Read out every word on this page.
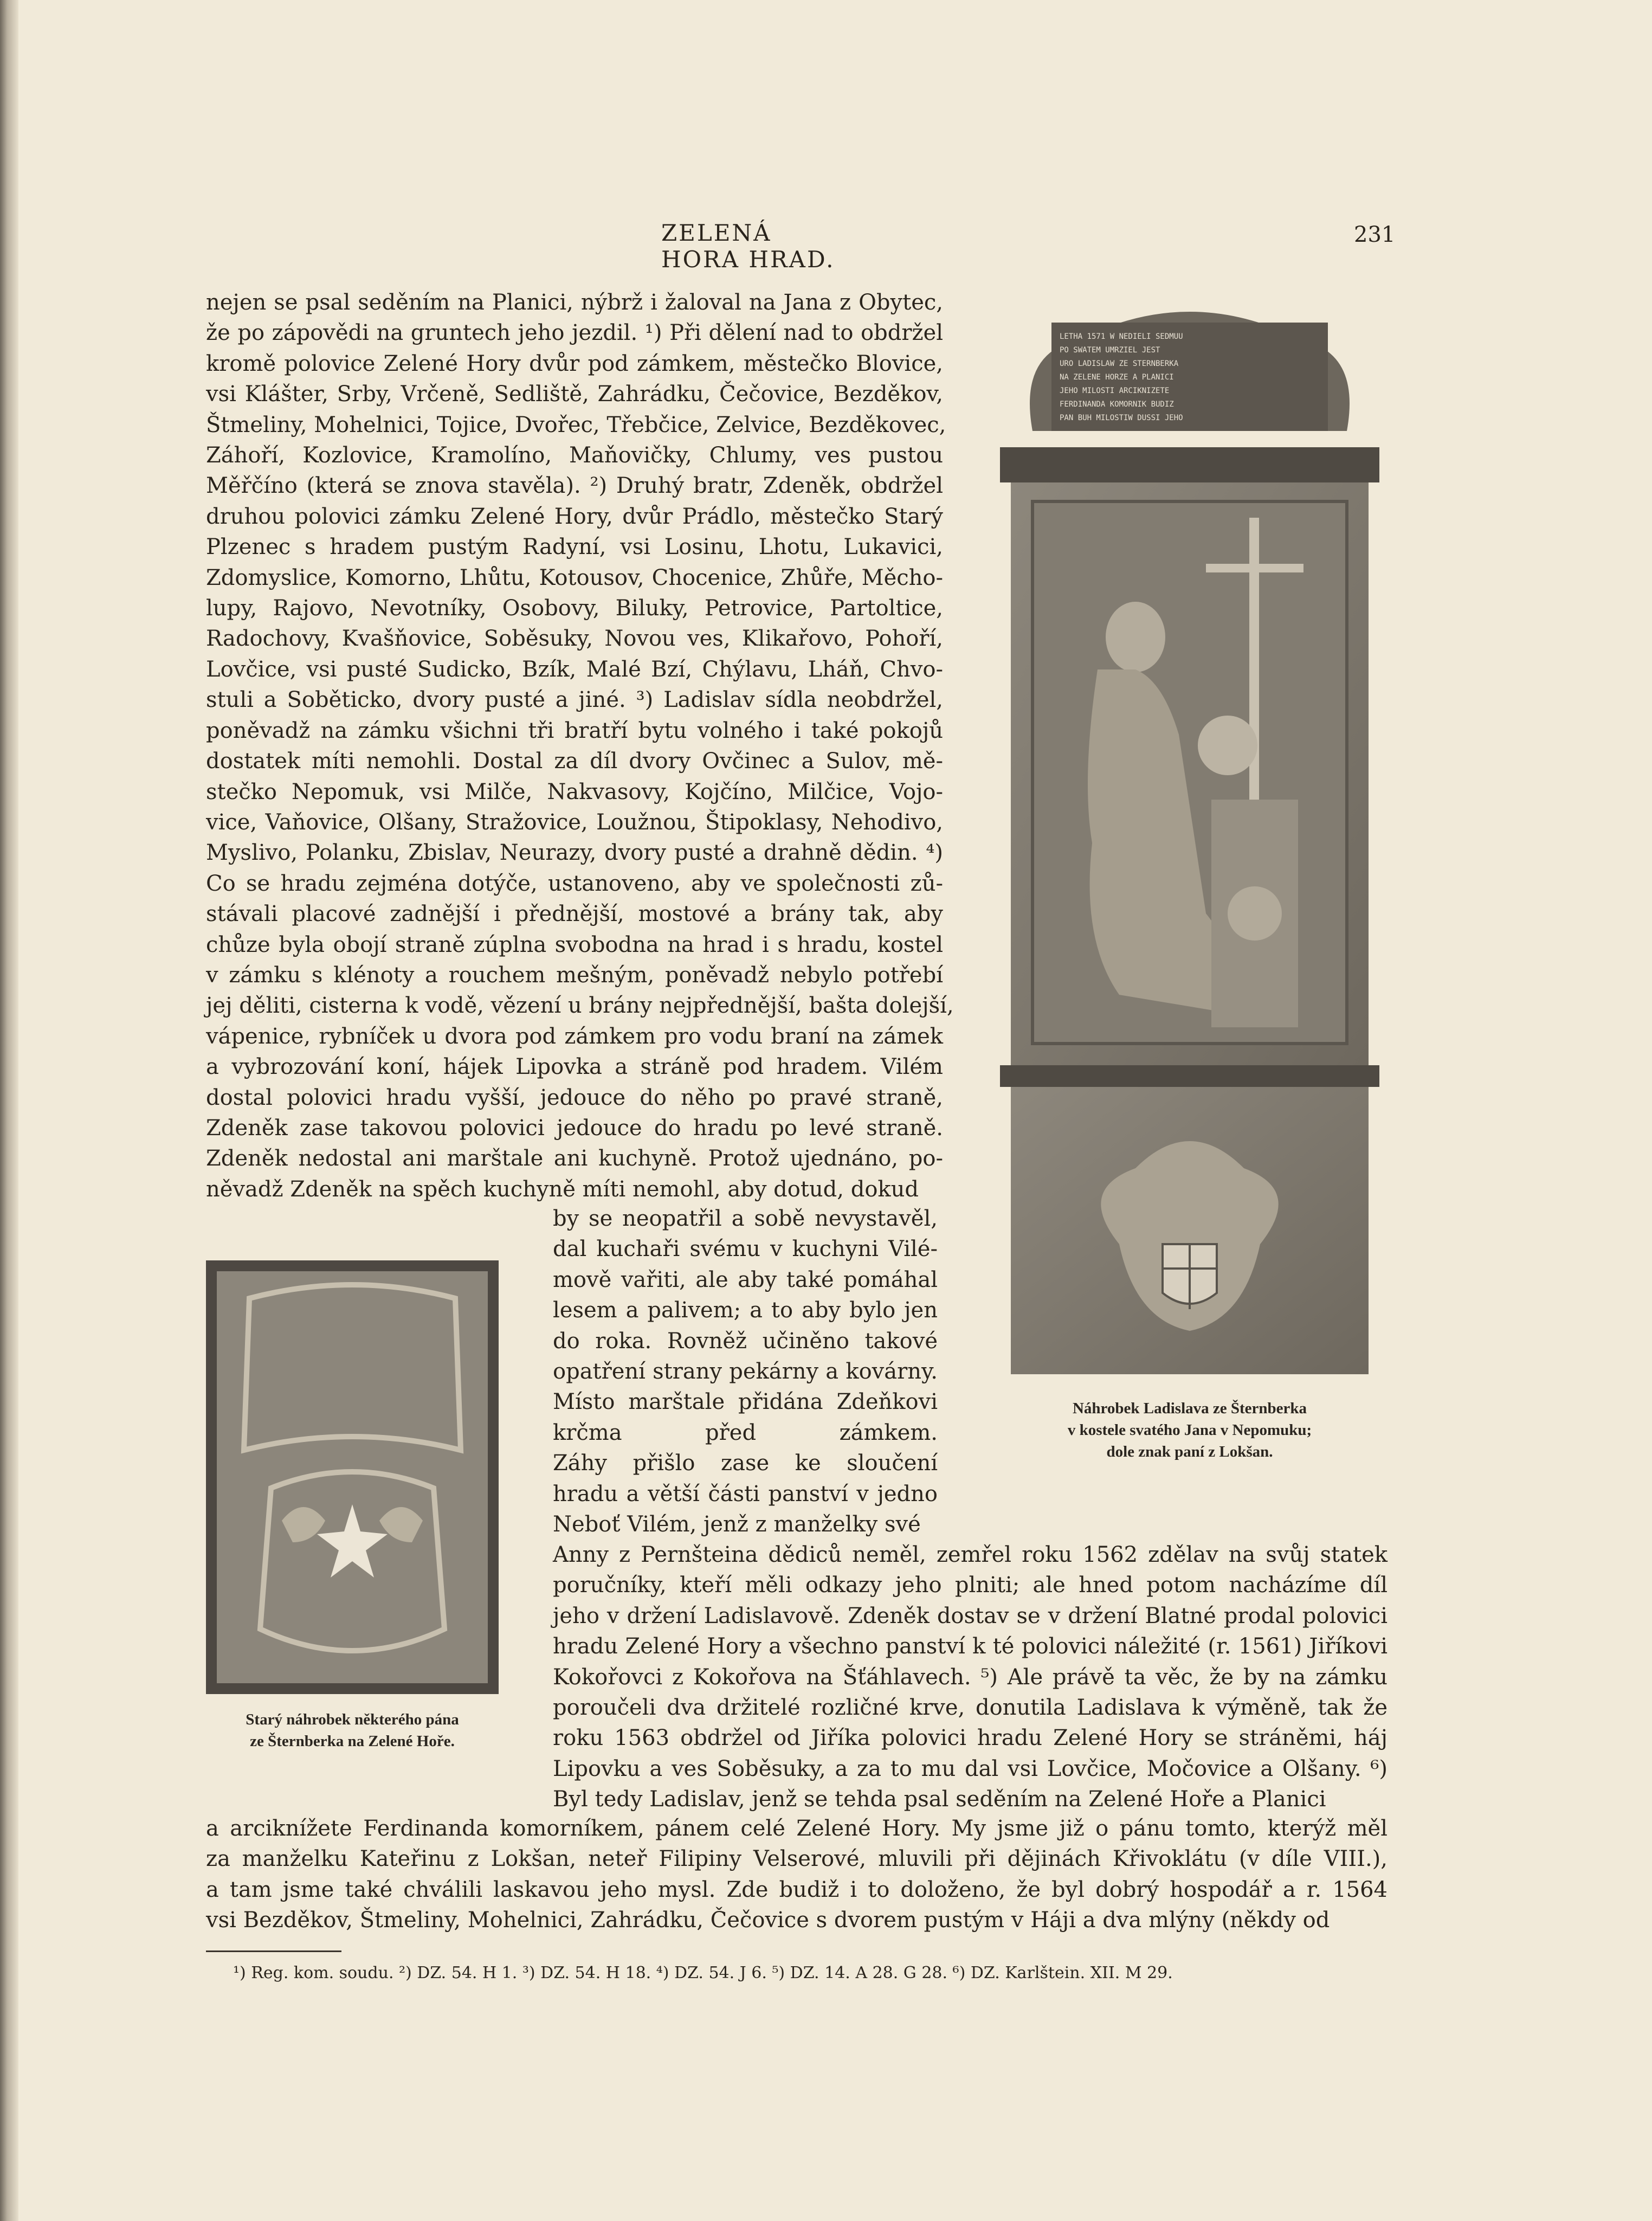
ZELENÁ HORA HRAD.
231
nejen se psal seděním na Planici, nýbrž i žaloval na Jana z Obytec,
že po zápovědi na gruntech jeho jezdil. ¹) Při dělení nad to obdržel
kromě polovice Zelené Hory dvůr pod zámkem, městečko Blovice,
vsi Klášter, Srby, Vrčeně, Sedliště, Zahrádku, Čečovice, Bezděkov,
Štmeliny, Mohelnici, Tojice, Dvořec, Třebčice, Zelvice, Bezděkovec,
Záhoří, Kozlovice, Kramolíno, Maňovičky, Chlumy, ves pustou
Měřčíno (která se znova stavěla). ²) Druhý bratr, Zdeněk, obdržel
druhou polovici zámku Zelené Hory, dvůr Prádlo, městečko Starý
Plzenec s hradem pustým Radyní, vsi Losinu, Lhotu, Lukavici,
Zdomyslice, Komorno, Lhůtu, Kotousov, Chocenice, Zhůře, Měcho-
lupy, Rajovo, Nevotníky, Osobovy, Biluky, Petrovice, Partoltice,
Radochovy, Kvašňovice, Soběsuky, Novou ves, Klikařovo, Pohoří,
Lovčice, vsi pusté Sudicko, Bzík, Malé Bzí, Chýlavu, Lháň, Chvo-
stuli a Soběticko, dvory pusté a jiné. ³) Ladislav sídla neobdržel,
poněvadž na zámku všichni tři bratří bytu volného i také pokojů
dostatek míti nemohli. Dostal za díl dvory Ovčinec a Sulov, mě-
stečko Nepomuk, vsi Milče, Nakvasovy, Kojčíno, Milčice, Vojo-
vice, Vaňovice, Olšany, Stražovice, Loužnou, Štipoklasy, Nehodivo,
Myslivo, Polanku, Zbislav, Neurazy, dvory pusté a drahně dědin. ⁴)
Co se hradu zejména dotýče, ustanoveno, aby ve společnosti zů-
stávali placové zadnější i přednější, mostové a brány tak, aby
chůze byla obojí straně zúplna svobodna na hrad i s hradu, kostel
v zámku s klénoty a rouchem mešným, poněvadž nebylo potřebí
jej děliti, cisterna k vodě, vězení u brány nejpřednější, bašta dolejší,
vápenice, rybníček u dvora pod zámkem pro vodu braní na zámek
a vybrozování koní, hájek Lipovka a stráně pod hradem. Vilém
dostal polovici hradu vyšší, jedouce do něho po pravé straně,
Zdeněk zase takovou polovici jedouce do hradu po levé straně.
Zdeněk nedostal ani marštale ani kuchyně. Protož ujednáno, po-
něvadž Zdeněk na spěch kuchyně míti nemohl, aby dotud, dokud
by se neopatřil a sobě nevystavěl,
dal kuchaři svému v kuchyni Vilé-
mově vařiti, ale aby také pomáhal
lesem a palivem; a to aby bylo jen
do roka. Rovněž učiněno takové
opatření strany pekárny a kovárny.
Místo marštale přidána Zdeňkovi
krčma před zámkem.
Záhy přišlo zase ke sloučení
hradu a větší části panství v jedno
Neboť Vilém, jenž z manželky své
Anny z Pernšteina dědiců neměl, zemřel roku 1562 zdělav na svůj statek
poručníky, kteří měli odkazy jeho plniti; ale hned potom nacházíme díl
jeho v držení Ladislavově. Zdeněk dostav se v držení Blatné prodal polovici
hradu Zelené Hory a všechno panství k té polovici náležité (r. 1561) Jiříkovi
Kokořovci z Kokořova na Šťáhlavech. ⁵) Ale právě ta věc, že by na zámku
poroučeli dva držitelé rozličné krve, donutila Ladislava k výměně, tak že
roku 1563 obdržel od Jiříka polovici hradu Zelené Hory se stráněmi, háj
Lipovku a ves Soběsuky, a za to mu dal vsi Lovčice, Močovice a Olšany. ⁶)
Byl tedy Ladislav, jenž se tehda psal seděním na Zelené Hoře a Planici
a arciknížete Ferdinanda komorníkem, pánem celé Zelené Hory. My jsme již o pánu tomto, kterýž měl
za manželku Kateřinu z Lokšan, neteř Filipiny Velserové, mluvili při dějinách Křivoklátu (v díle VIII.),
a tam jsme také chválili laskavou jeho mysl. Zde budiž i to doloženo, že byl dobrý hospodář a r. 1564
vsi Bezděkov, Štmeliny, Mohelnici, Zahrádku, Čečovice s dvorem pustým v Háji a dva mlýny (někdy od
LETHA 1571 W NEDIELI SEDMUU
PO SWATEM UMRZIEL JEST
URO LADISLAW ZE STERNBERKA
NA ZELENE HORZE A PLANICI
JEHO MILOSTI ARCIKNIZETE
FERDINANDA KOMORNIK BUDIZ
PAN BUH MILOSTIW DUSSI JEHO
Náhrobek Ladislava ze Šternberka
v kostele svatého Jana v Nepomuku;
dole znak paní z Lokšan.
Starý náhrobek některého pána
ze Šternberka na Zelené Hoře.
¹) Reg. kom. soudu. ²) DZ. 54. H 1. ³) DZ. 54. H 18. ⁴) DZ. 54. J 6. ⁵) DZ. 14. A 28. G 28. ⁶) DZ. Karlštein. XII. M 29.
